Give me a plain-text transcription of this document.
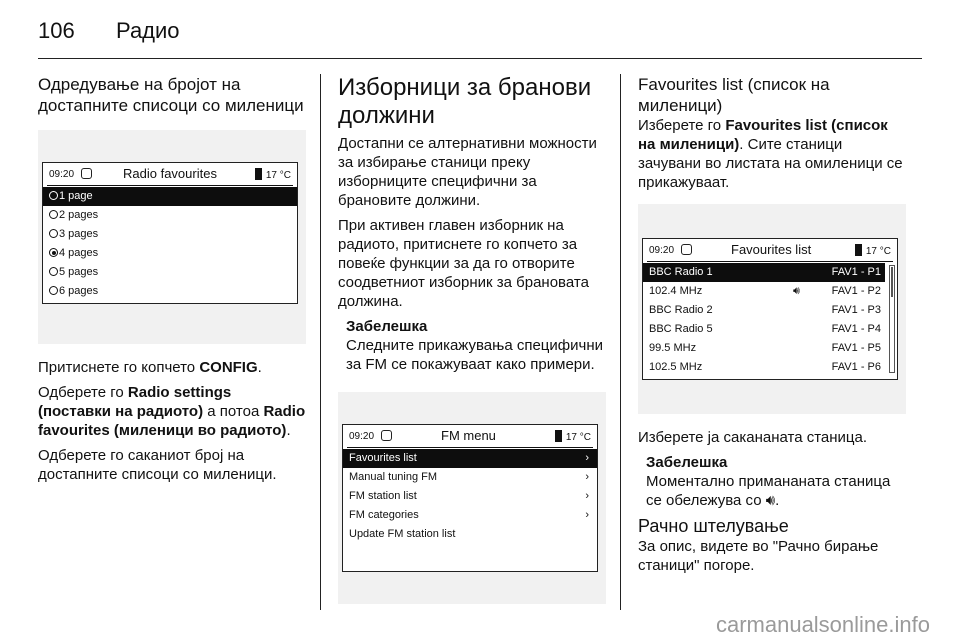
106 Радио
Одредување на бројот на достапните списоци со миленици
09:20	Radio favourites	17 °C
1 page
2 pages
3 pages
4 pages
5 pages
6 pages

Притиснете го копчето CONFIG.

Одберете го Radio settings (поставки на радиото) а потоа Radio favourites (миленици во радиото).

Одберете го саканиот број на достапните списоци со миленици.

Изборници за бранови должини

Достапни се алтернативни можности за избирање станици преку изборниците специфични за брановите должини.

При активен главен изборник на радиото, притиснете го копчето за повеќе функции за да го отворите соодветниот изборник за брановата должина.

Забелешка

Следните прикажувања специфични за FM се покажуваат како примери.

09:20	FM menu	17 °C
Favourites list	›
Manual tuning FM	›
FM station list	›
FM categories	›
Update FM station list
Favourites list (список на миленици)

Изберете го Favourites list (список на миленици). Сите станици зачувани во листата на омиленици се прикажуваат.

09:20	Favourites list	17 °C
BBC Radio 1	FAV1 - P1
102.4 MHz	🔊︎	FAV1 - P2
BBC Radio 2	FAV1 - P3
BBC Radio 5	FAV1 - P4
99.5 MHz	FAV1 - P5
102.5 MHz	FAV1 - P6

Изберете ја сакананата станица.

Забелешка

Моментално примананата станица се обележува со 🔊︎.

Рачно штелување

За опис, видете во "Рачно бирање станици" погоре.

carmanualsonline.info
